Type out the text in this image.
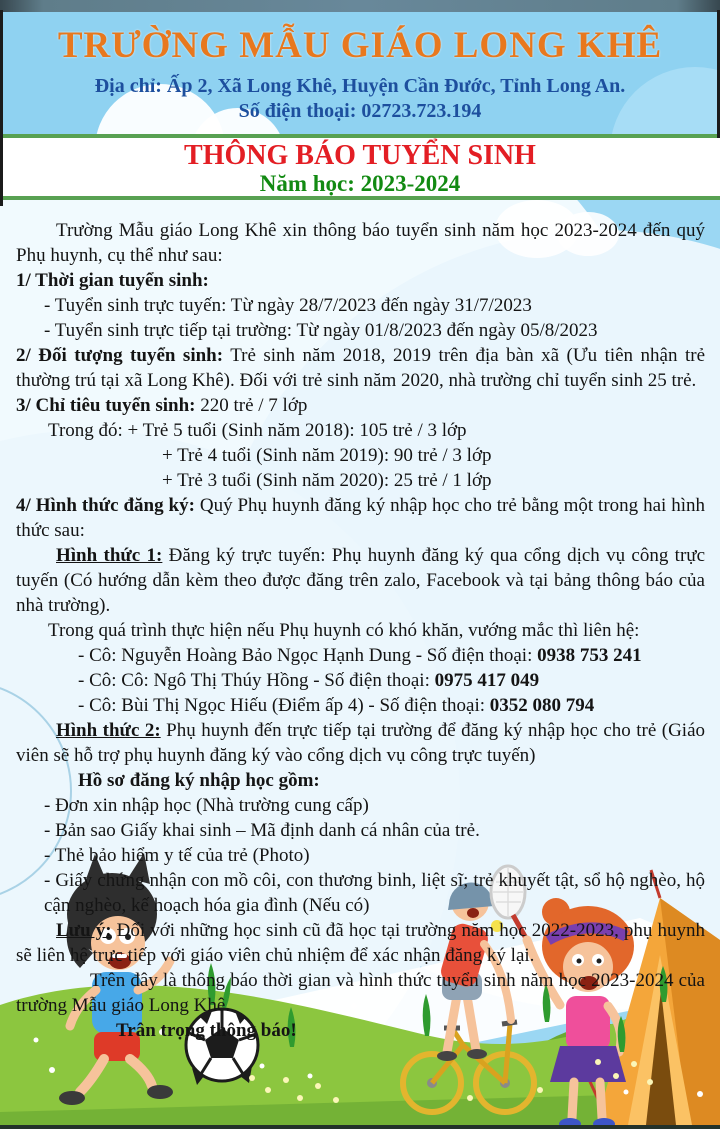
TRƯỜNG MẪU GIÁO LONG KHÊ
Địa chỉ: Ấp 2, Xã Long Khê, Huyện Cần Đước, Tỉnh Long An.
Số điện thoại: 02723.723.194
THÔNG BÁO TUYỂN SINH
Năm học: 2023-2024

Trường Mẫu giáo Long Khê xin thông báo tuyển sinh năm học 2023-2024 đến quý Phụ huynh, cụ thể như sau:

1/ Thời gian tuyển sinh:

- Tuyển sinh trực tuyến: Từ ngày 28/7/2023 đến ngày 31/7/2023

- Tuyển sinh trực tiếp tại trường: Từ ngày 01/8/2023 đến ngày 05/8/2023

2/ Đối tượng tuyển sinh: Trẻ sinh năm 2018, 2019 trên địa bàn xã (Ưu tiên nhận trẻ thường trú tại xã Long Khê). Đối với trẻ sinh năm 2020, nhà trường chỉ tuyển sinh 25 trẻ.

3/ Chỉ tiêu tuyển sinh: 220 trẻ / 7 lớp

Trong đó: + Trẻ 5 tuổi (Sinh năm 2018): 105 trẻ / 3 lớp

+ Trẻ 4 tuổi (Sinh năm 2019): 90 trẻ / 3 lớp

+ Trẻ 3 tuổi (Sinh năm 2020): 25 trẻ / 1 lớp

4/ Hình thức đăng ký: Quý Phụ huynh đăng ký nhập học cho trẻ bằng một trong hai hình thức sau:

Hình thức 1: Đăng ký trực tuyến: Phụ huynh đăng ký qua cổng dịch vụ công trực tuyến (Có hướng dẫn kèm theo được đăng trên zalo, Facebook và tại bảng thông báo của nhà trường).

Trong quá trình thực hiện nếu Phụ huynh có khó khăn, vướng mắc thì liên hệ:

- Cô: Nguyễn Hoàng Bảo Ngọc Hạnh Dung - Số điện thoại: 0938 753 241

- Cô: Cô: Ngô Thị Thúy Hồng - Số điện thoại: 0975 417 049

- Cô: Bùi Thị Ngọc Hiếu (Điểm ấp 4) - Số điện thoại: 0352 080 794

Hình thức 2: Phụ huynh đến trực tiếp tại trường để đăng ký nhập học cho trẻ (Giáo viên sẽ hỗ trợ phụ huynh đăng ký vào cổng dịch vụ công trực tuyến)

Hồ sơ đăng ký nhập học gồm:

- Đơn xin nhập học (Nhà trường cung cấp)

- Bản sao Giấy khai sinh – Mã định danh cá nhân của trẻ.

- Thẻ bảo hiểm y tế của trẻ (Photo)

- Giấy chứng nhận con mồ côi, con thương binh, liệt sĩ; trẻ khuyết tật, sổ hộ nghèo, hộ cận nghèo, kế hoạch hóa gia đình (Nếu có)

Lưu ý: Đối với những học sinh cũ đã học tại trường năm học 2022-2023, phụ huynh sẽ liên hệ trực tiếp với giáo viên chủ nhiệm để xác nhận đăng ký lại.

Trên đây là thông báo thời gian và hình thức tuyển sinh năm học 2023-2024 của trường Mẫu giáo Long Khê.

Trân trọng thông báo!
